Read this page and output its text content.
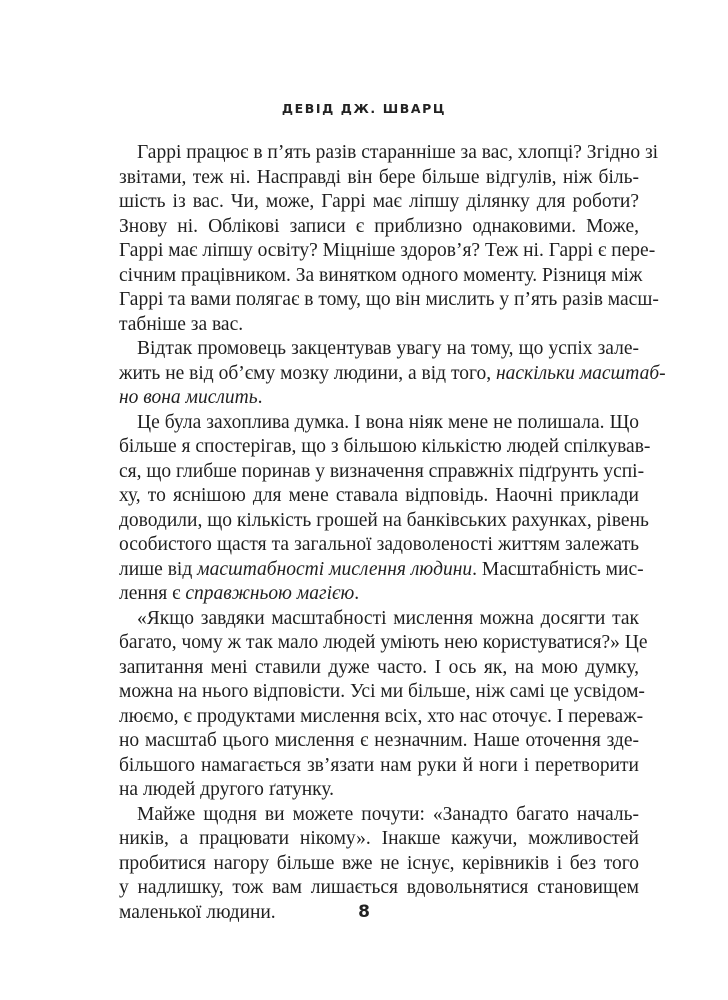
ДЕВІД ДЖ. ШВАРЦ

Гаррі працює в п’ять разів старанніше за вас, хлопці? Згідно зі
звітами, теж ні. Насправді він бере більше відгулів, ніж біль-
шість із вас. Чи, може, Гаррі має ліпшу ділянку для роботи?
Знову ні. Облікові записи є приблизно однаковими. Може,
Гаррі має ліпшу освіту? Міцніше здоров’я? Теж ні. Гаррі є пере-
січним працівником. За винятком одного моменту. Різниця між
Гаррі та вами полягає в тому, що він мислить у п’ять разів масш-
табніше за вас.

Відтак промовець закцентував увагу на тому, що успіх зале-
жить не від об’єму мозку людини, а від того, наскільки масштаб-
но вона мислить.

Це була захоплива думка. І вона ніяк мене не полишала. Що
більше я спостерігав, що з більшою кількістю людей спілкував-
ся, що глибше поринав у визначення справжніх підґрунть успі-
ху, то яснішою для мене ставала відповідь. Наочні приклади
доводили, що кількість грошей на банківських рахунках, рівень
особистого щастя та загальної задоволеності життям залежать
лише від масштабності мислення людини. Масштабність мис-
лення є справжньою магією.

«Якщо завдяки масштабності мислення можна досягти так
багато, чому ж так мало людей уміють нею користуватися?» Це
запитання мені ставили дуже часто. І ось як, на мою думку,
можна на нього відповісти. Усі ми більше, ніж самі це усвідом-
люємо, є продуктами мислення всіх, хто нас оточує. І переваж-
но масштаб цього мислення є незначним. Наше оточення зде-
більшого намагається зв’язати нам руки й ноги і перетворити
на людей другого ґатунку.

Майже щодня ви можете почути: «Занадто багато началь-
ників, а працювати нікому». Інакше кажучи, можливостей
пробитися нагору більше вже не існує, керівників і без того
у надлишку, тож вам лишається вдовольнятися становищем
маленької людини.	8
